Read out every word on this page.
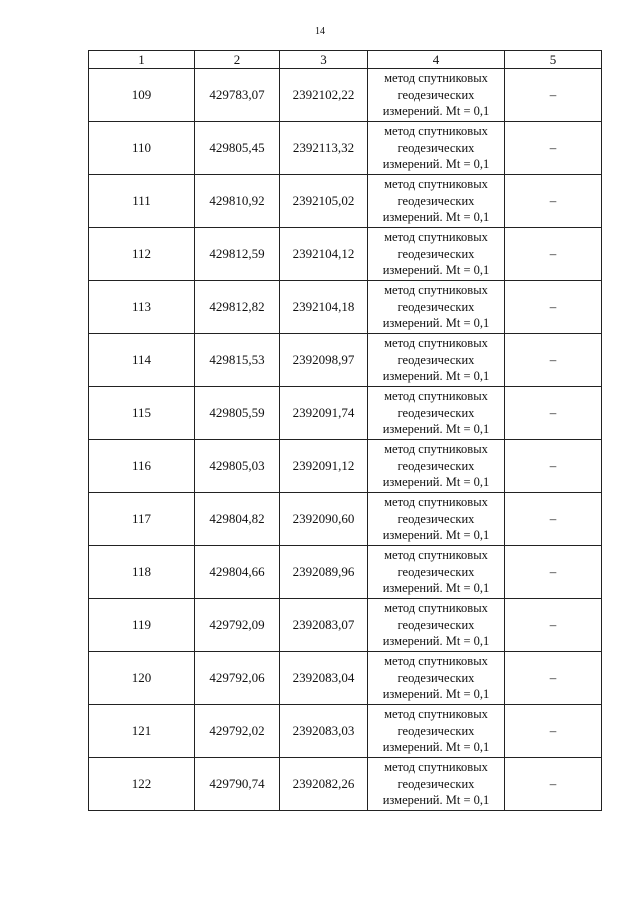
14
1	2	3	4	5
109	429783,07	2392102,22	метод спутниковых
геодезических
измерений. Mt = 0,1	–
110	429805,45	2392113,32	метод спутниковых
геодезических
измерений. Mt = 0,1	–
111	429810,92	2392105,02	метод спутниковых
геодезических
измерений. Mt = 0,1	–
112	429812,59	2392104,12	метод спутниковых
геодезических
измерений. Mt = 0,1	–
113	429812,82	2392104,18	метод спутниковых
геодезических
измерений. Mt = 0,1	–
114	429815,53	2392098,97	метод спутниковых
геодезических
измерений. Mt = 0,1	–
115	429805,59	2392091,74	метод спутниковых
геодезических
измерений. Mt = 0,1	–
116	429805,03	2392091,12	метод спутниковых
геодезических
измерений. Mt = 0,1	–
117	429804,82	2392090,60	метод спутниковых
геодезических
измерений. Mt = 0,1	–
118	429804,66	2392089,96	метод спутниковых
геодезических
измерений. Mt = 0,1	–
119	429792,09	2392083,07	метод спутниковых
геодезических
измерений. Mt = 0,1	–
120	429792,06	2392083,04	метод спутниковых
геодезических
измерений. Mt = 0,1	–
121	429792,02	2392083,03	метод спутниковых
геодезических
измерений. Mt = 0,1	–
122	429790,74	2392082,26	метод спутниковых
геодезических
измерений. Mt = 0,1	–
